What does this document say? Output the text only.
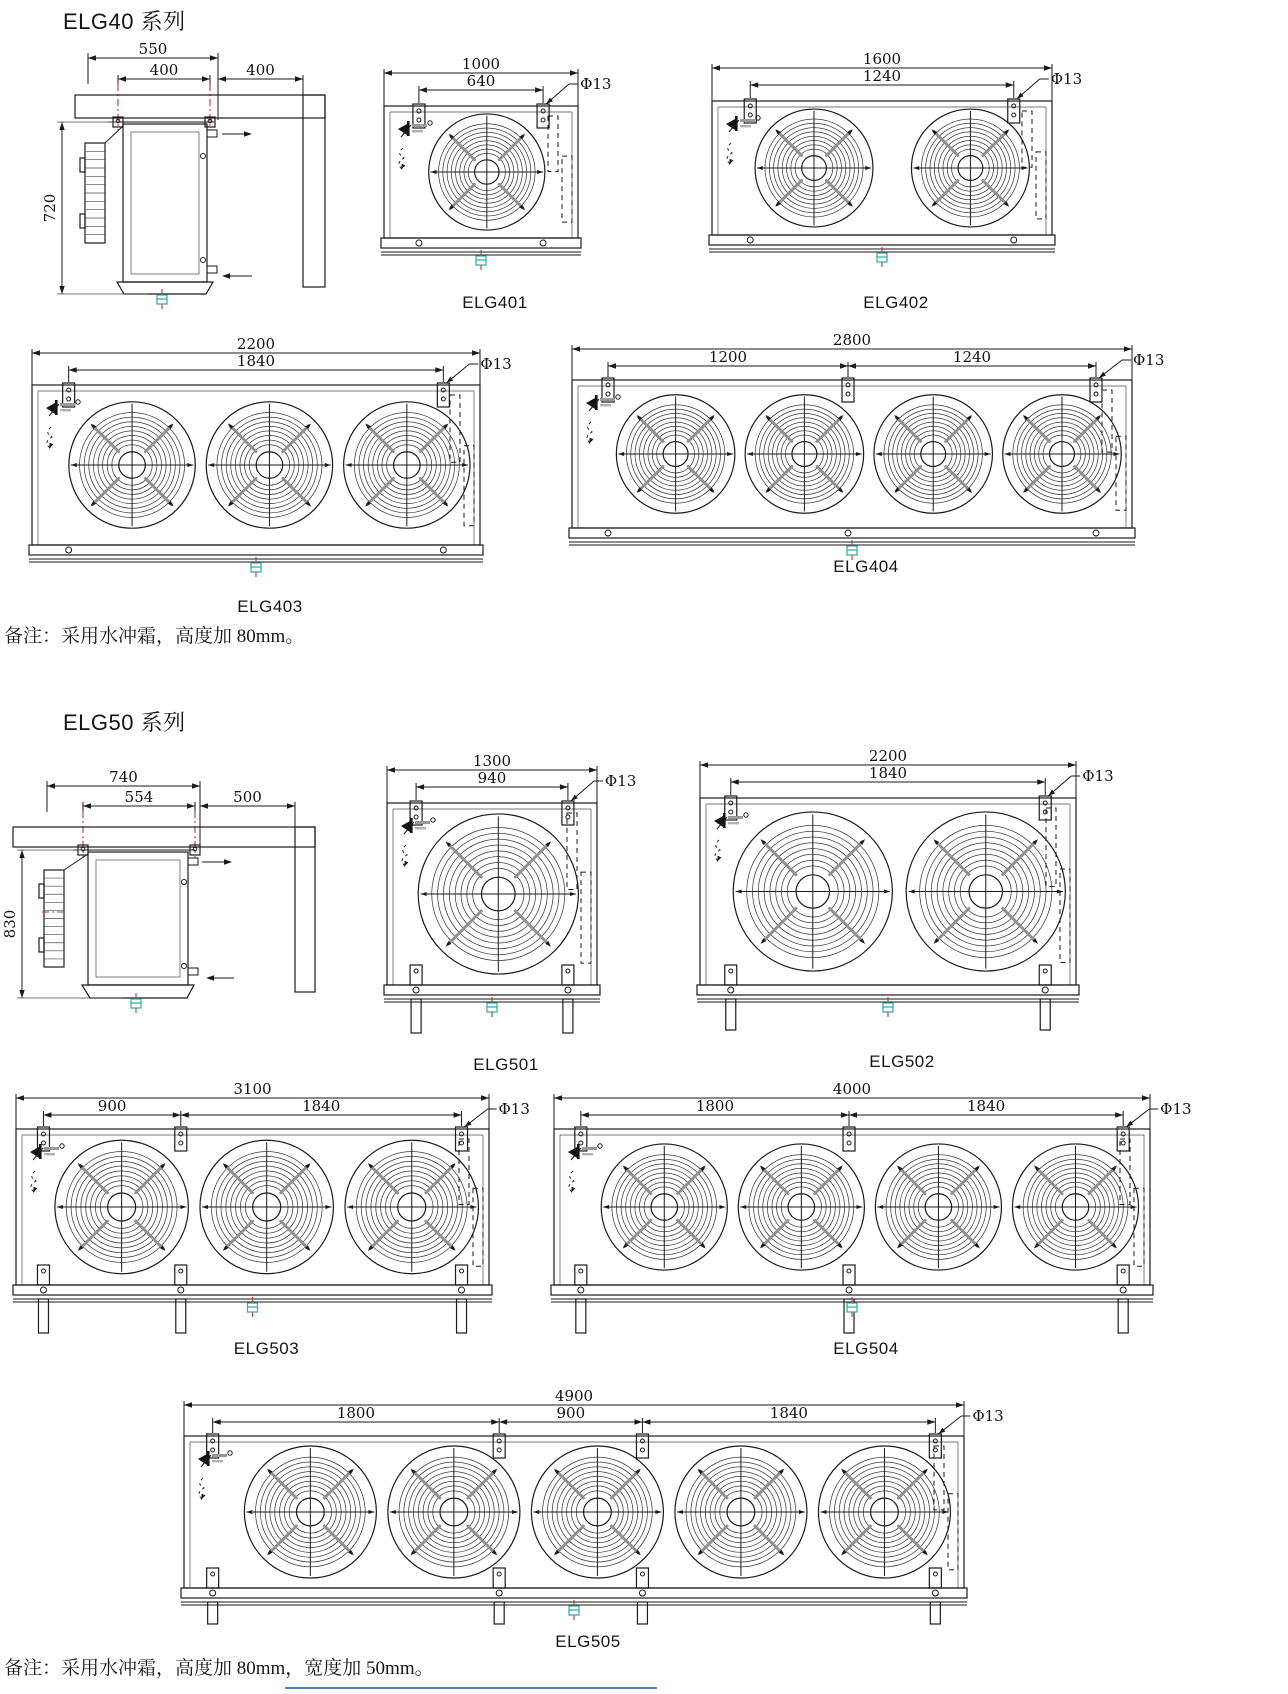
ELG40 系列
550
400	400
720
1000
640	Φ13
ELG401
1600
1240	Φ13
ELG402
2200
1840	Φ13
ELG403
2800
1200	1240	Φ13
ELG404
备注：采用水冲霜，高度加 80mm。
ELG50 系列
740
554	500
830
1300
940	Φ13
ELG501
2200
1840	Φ13
ELG502
3100
900	1840	Φ13
ELG503
4000
1800	1840	Φ13
ELG504
4900
1800	900	1840	Φ13
ELG505
备注：采用水冲霜，高度加 80mm，宽度加 50mm。
